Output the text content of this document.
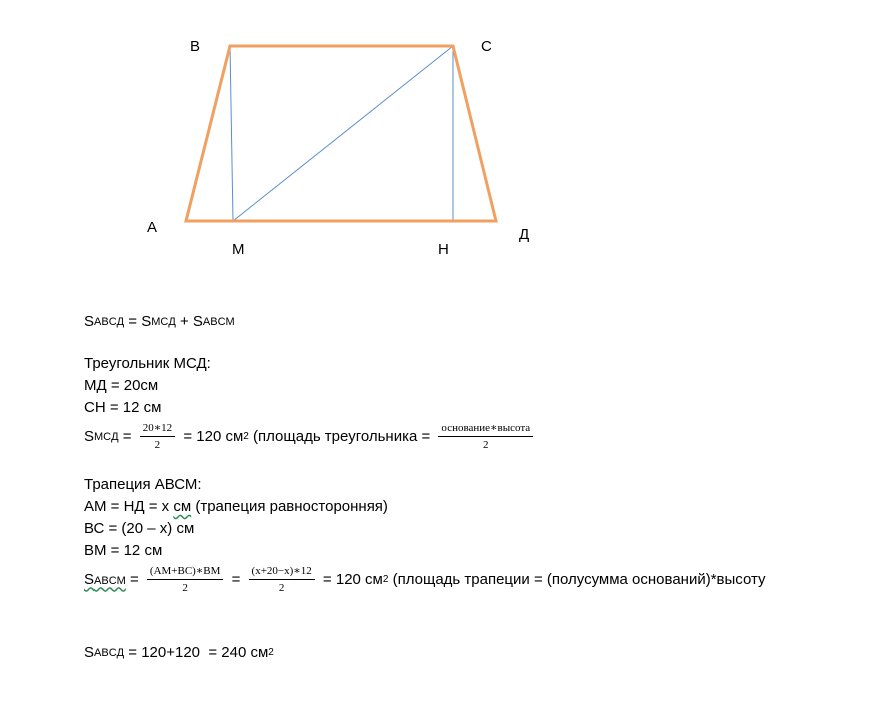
B	C
A	Д
M	H
S ABCД = S MCД + S ABCM
Треугольник МСД:
МД = 20см
СН = 12 см
S MCД = $\frac{20∗12}{2} = 120$ см 2 (площадь треугольника = $\frac{\text{основание∗высота}}{2}$
Трапеция АВСМ:
АМ = НД = х см (трапеция равносторонняя)
ВС = (20 – х) см
ВМ = 12 см
SABCM = $\frac{(AM+BC)∗BM}{2} = \frac{(x+20-x)∗12}{2} = 120$ см 2 (площадь трапеции = (полусумма оснований)*высоту
S ABCД = 120+120  = 240 см 2
